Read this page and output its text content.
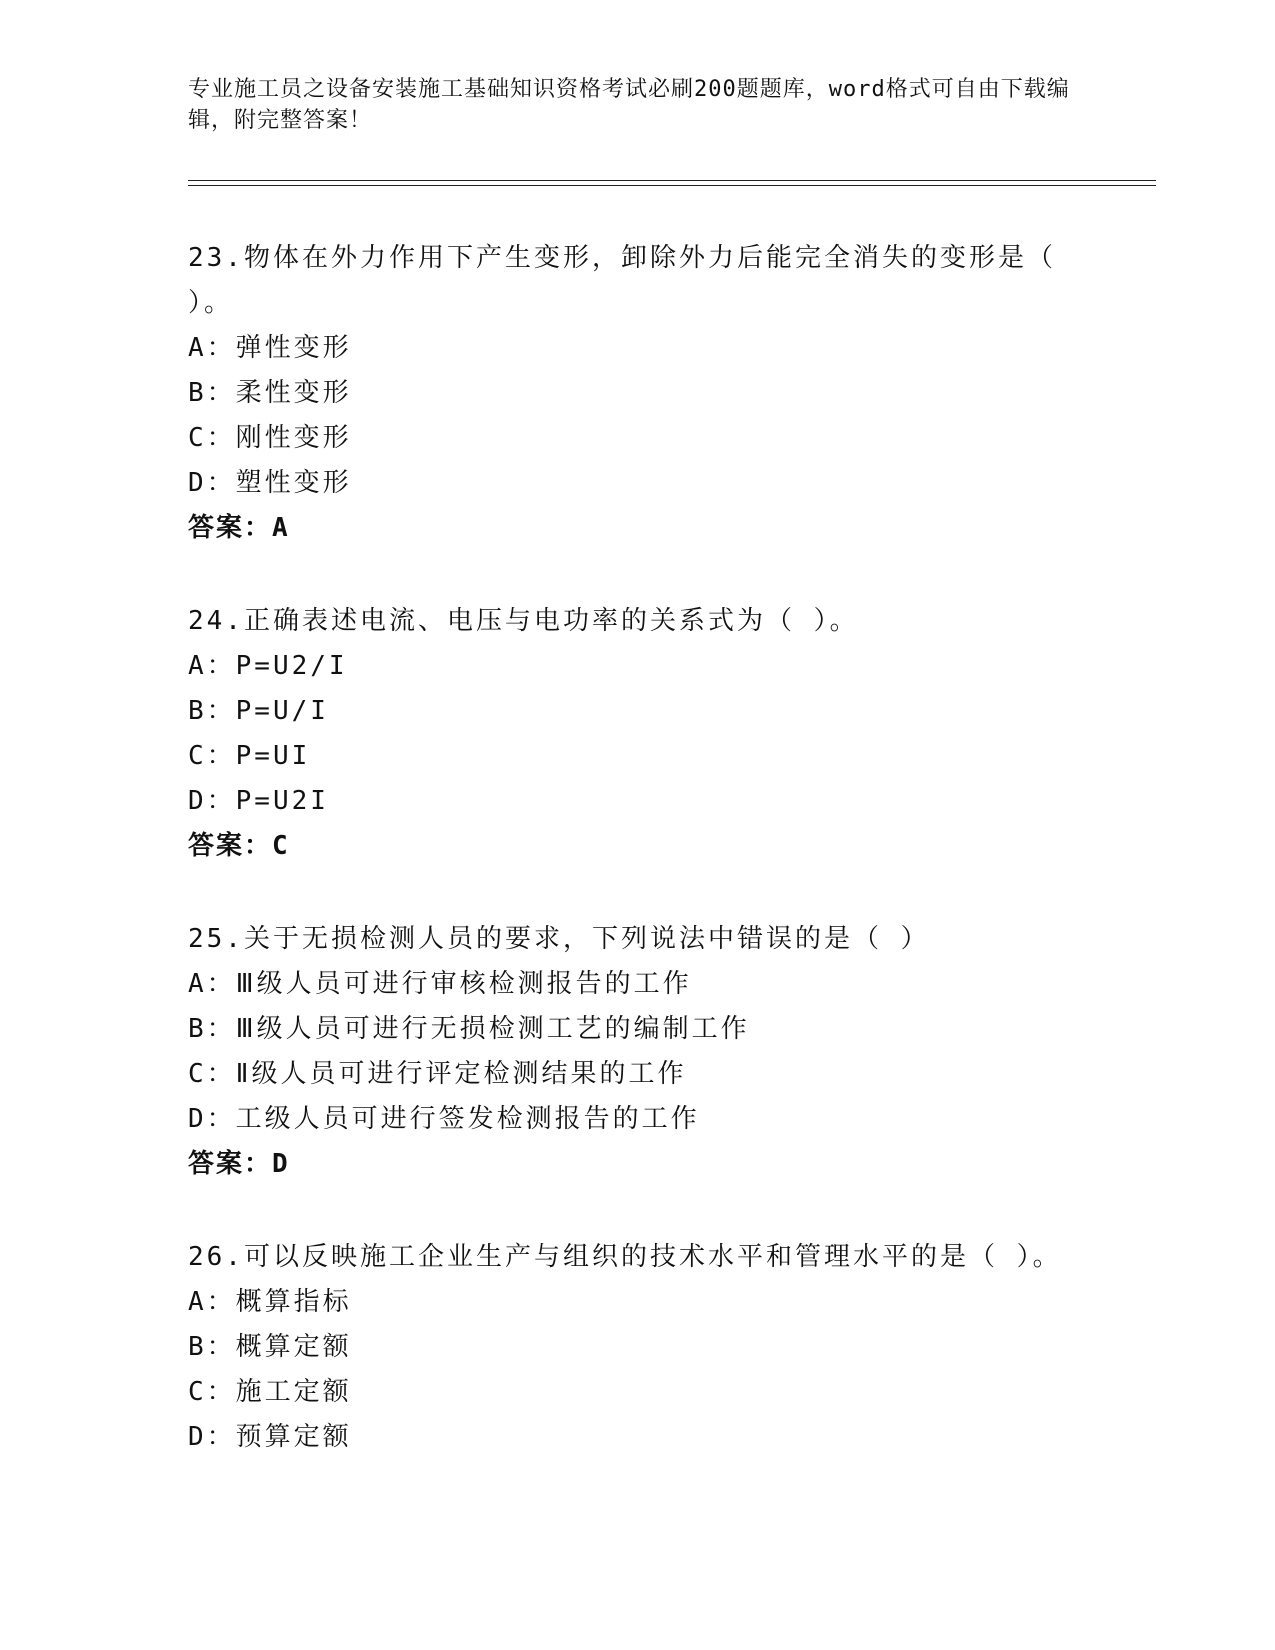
专业施工员之设备安装施工基础知识资格考试必刷200题题库，word格式可自由下载编辑，附完整答案！
23.物体在外力作用下产生变形，卸除外力后能完全消失的变形是（ ）。
A：弹性变形
B：柔性变形
C：刚性变形
D：塑性变形
答案：A
24.正确表述电流、电压与电功率的关系式为（ ）。
A：P=U2/I
B：P=U/I
C：P=UI
D：P=U2I
答案：C
25.关于无损检测人员的要求，下列说法中错误的是（ ）
A：Ⅲ级人员可进行审核检测报告的工作
B：Ⅲ级人员可进行无损检测工艺的编制工作
C：Ⅱ级人员可进行评定检测结果的工作
D：工级人员可进行签发检测报告的工作
答案：D
26.可以反映施工企业生产与组织的技术水平和管理水平的是（ ）。
A：概算指标
B：概算定额
C：施工定额
D：预算定额
